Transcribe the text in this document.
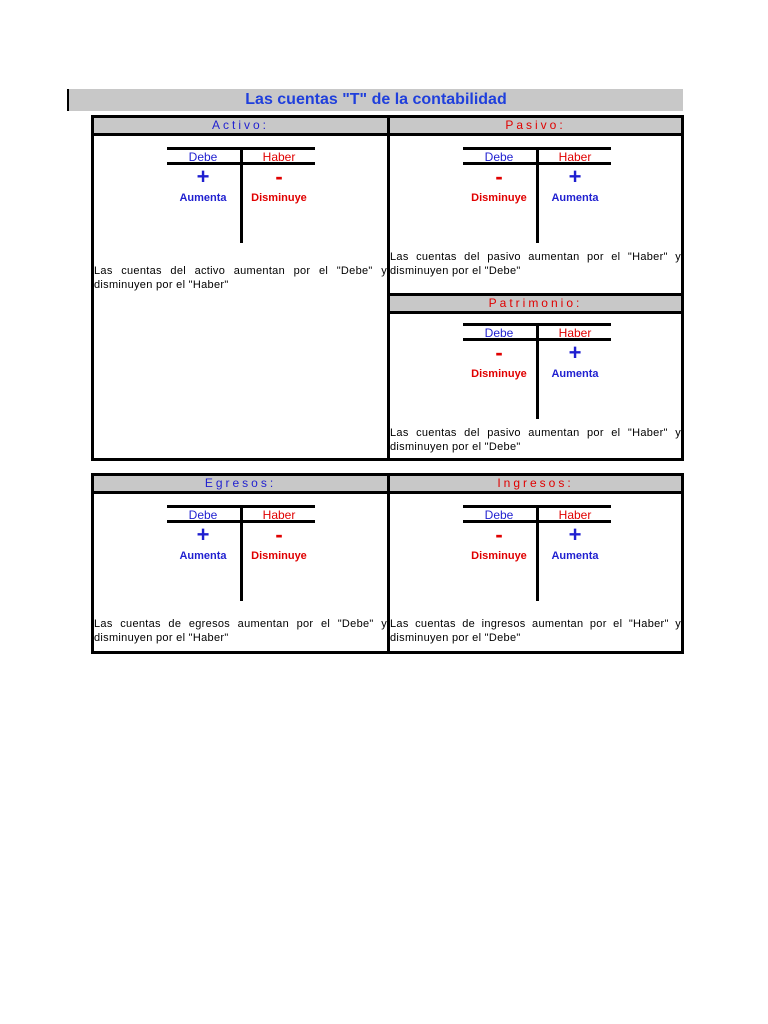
Las cuentas "T" de la contabilidad
Activo:
Debe	Haber
+	-
Aumenta	Disminuye
Las cuentas del activo aumentan por el "Debe" y disminuyen por el "Haber"
Pasivo:
Debe	Haber
-	+
Disminuye	Aumenta
Las cuentas del pasivo aumentan por el "Haber" y disminuyen por el "Debe"
Patrimonio:
Debe	Haber
-	+
Disminuye	Aumenta
Las cuentas del pasivo aumentan por el "Haber" y disminuyen por el "Debe"
Egresos:
Debe	Haber
+	-
Aumenta	Disminuye
Las cuentas de egresos aumentan por el "Debe" y disminuyen por el "Haber"
Ingresos:
Debe	Haber
-	+
Disminuye	Aumenta
Las cuentas de ingresos aumentan por el "Haber" y disminuyen por el "Debe"
